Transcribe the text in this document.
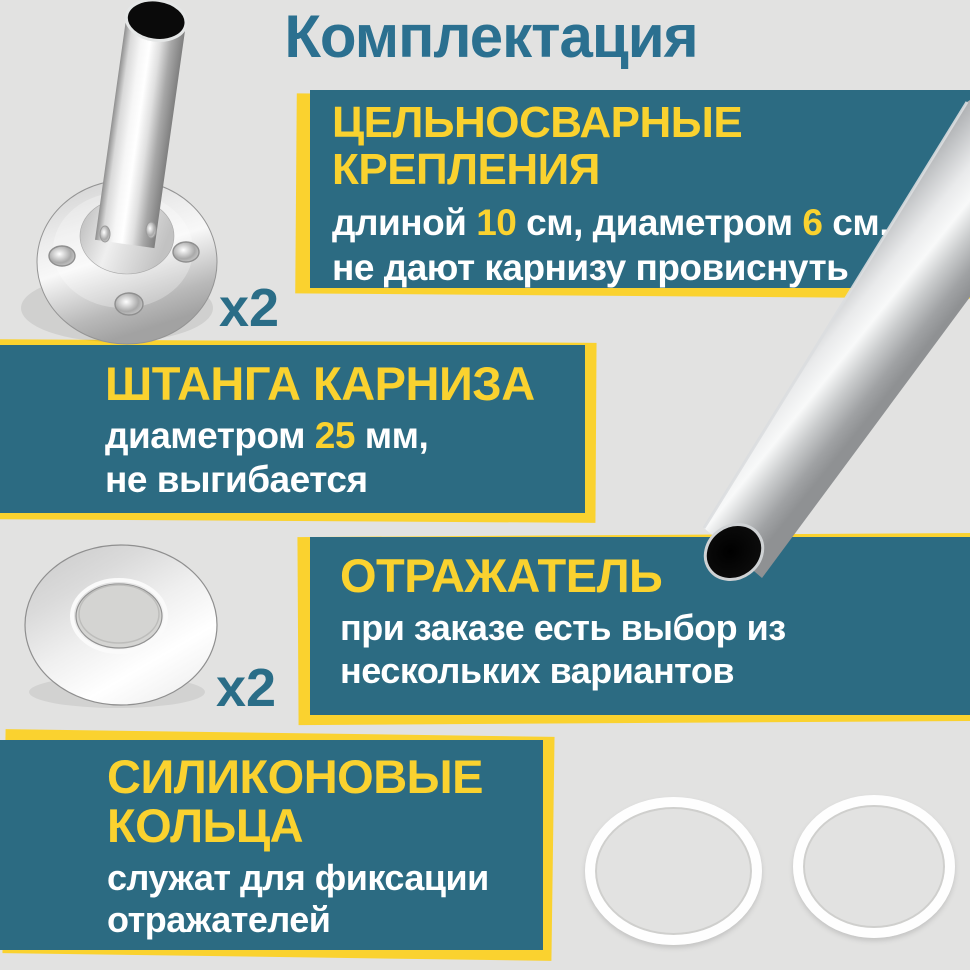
Комплектация
ЦЕЛЬНОСВАРНЫЕ
КРЕПЛЕНИЯ

длиной 10 см, диаметром 6 см,
не дают карнизу провиснуть

ШТАНГА КАРНИЗА

диаметром 25 мм,
не выгибается

ОТРАЖАТЕЛЬ

при заказе есть выбор из
нескольких вариантов

СИЛИКОНОВЫЕ
КОЛЬЦА

служат для фиксации
отражателей

x2
x2
